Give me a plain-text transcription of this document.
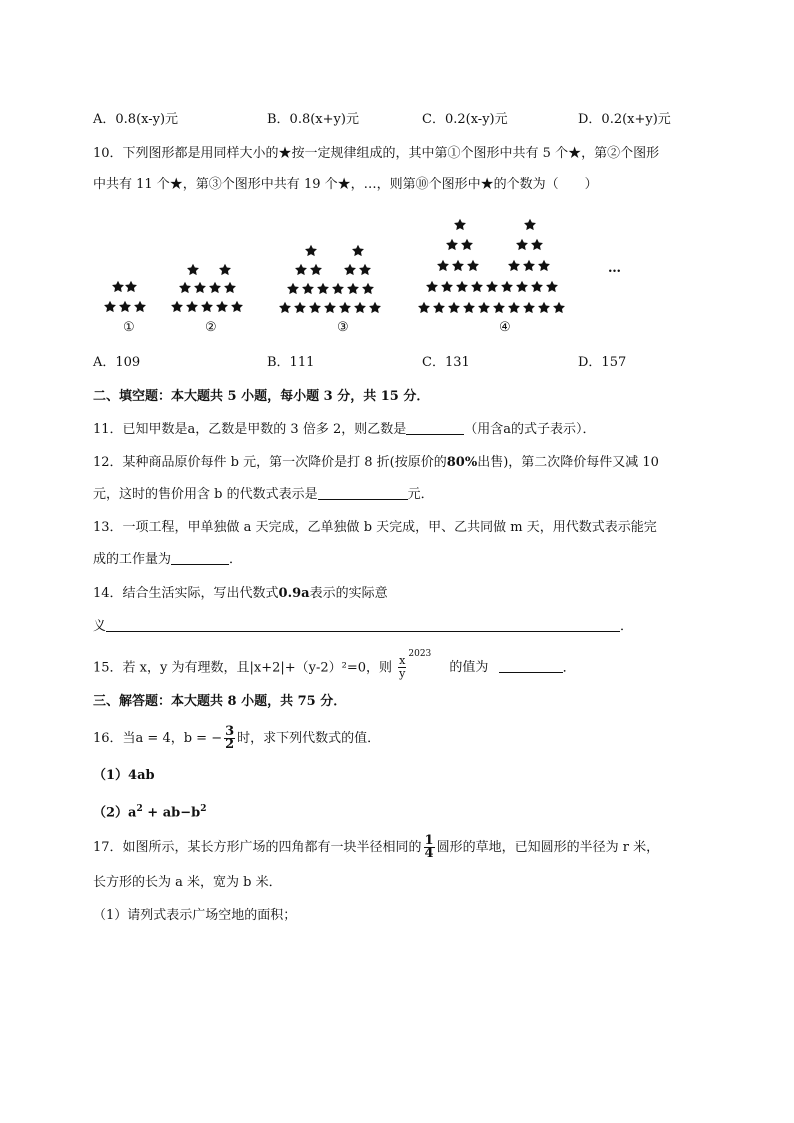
A．0.8(x-y)元	B．0.8(x+y)元	C．0.2(x-y)元	D．0.2(x+y)元
10．下列图形都是用同样大小的★按一定规律组成的，其中第①个图形中共有 5 个★，第②个图形
中共有 11 个★，第③个图形中共有 19 个★，…，则第⑩个图形中★的个数为（　　）
①	②	③	④
…
A．109	B．111	C．131	D．157
二、填空题：本大题共 5 小题，每小题 3 分，共 15 分．
11．已知甲数是a，乙数是甲数的 3 倍多 2，则乙数是	（用含a的式子表示）．
12．某种商品原价每件 b 元，第一次降价是打 8 折(按原价的80%出售)，第二次降价每件又减 10
元，这时的售价用含 b 的代数式表示是	元．
13．一项工程，甲单独做 a 天完成，乙单独做 b 天完成，甲、乙共同做 m 天，用代数式表示能完
成的工作量为	．
14．结合生活实际，写出代数式0.9a表示的实际意
义	．
15．若 x，y 为有理数，且|x+2|+（y-2）²=0，则 $\frac{x}{y}$
$^{2023}$ 的值为	．
三、解答题：本大题共 8 小题，共 75 分．
16．当a = 4，b = − $\frac{3}{2}$ 时，求下列代数式的值．
（1）4ab
$(2)a^2 + ab-b^2$
17．如图所示，某长方形广场的四角都有一块半径相同的 $\frac{1}{4}$ 圆形的草地，已知圆形的半径为 r 米，
长方形的长为 a 米，宽为 b 米．
（1）请列式表示广场空地的面积；
